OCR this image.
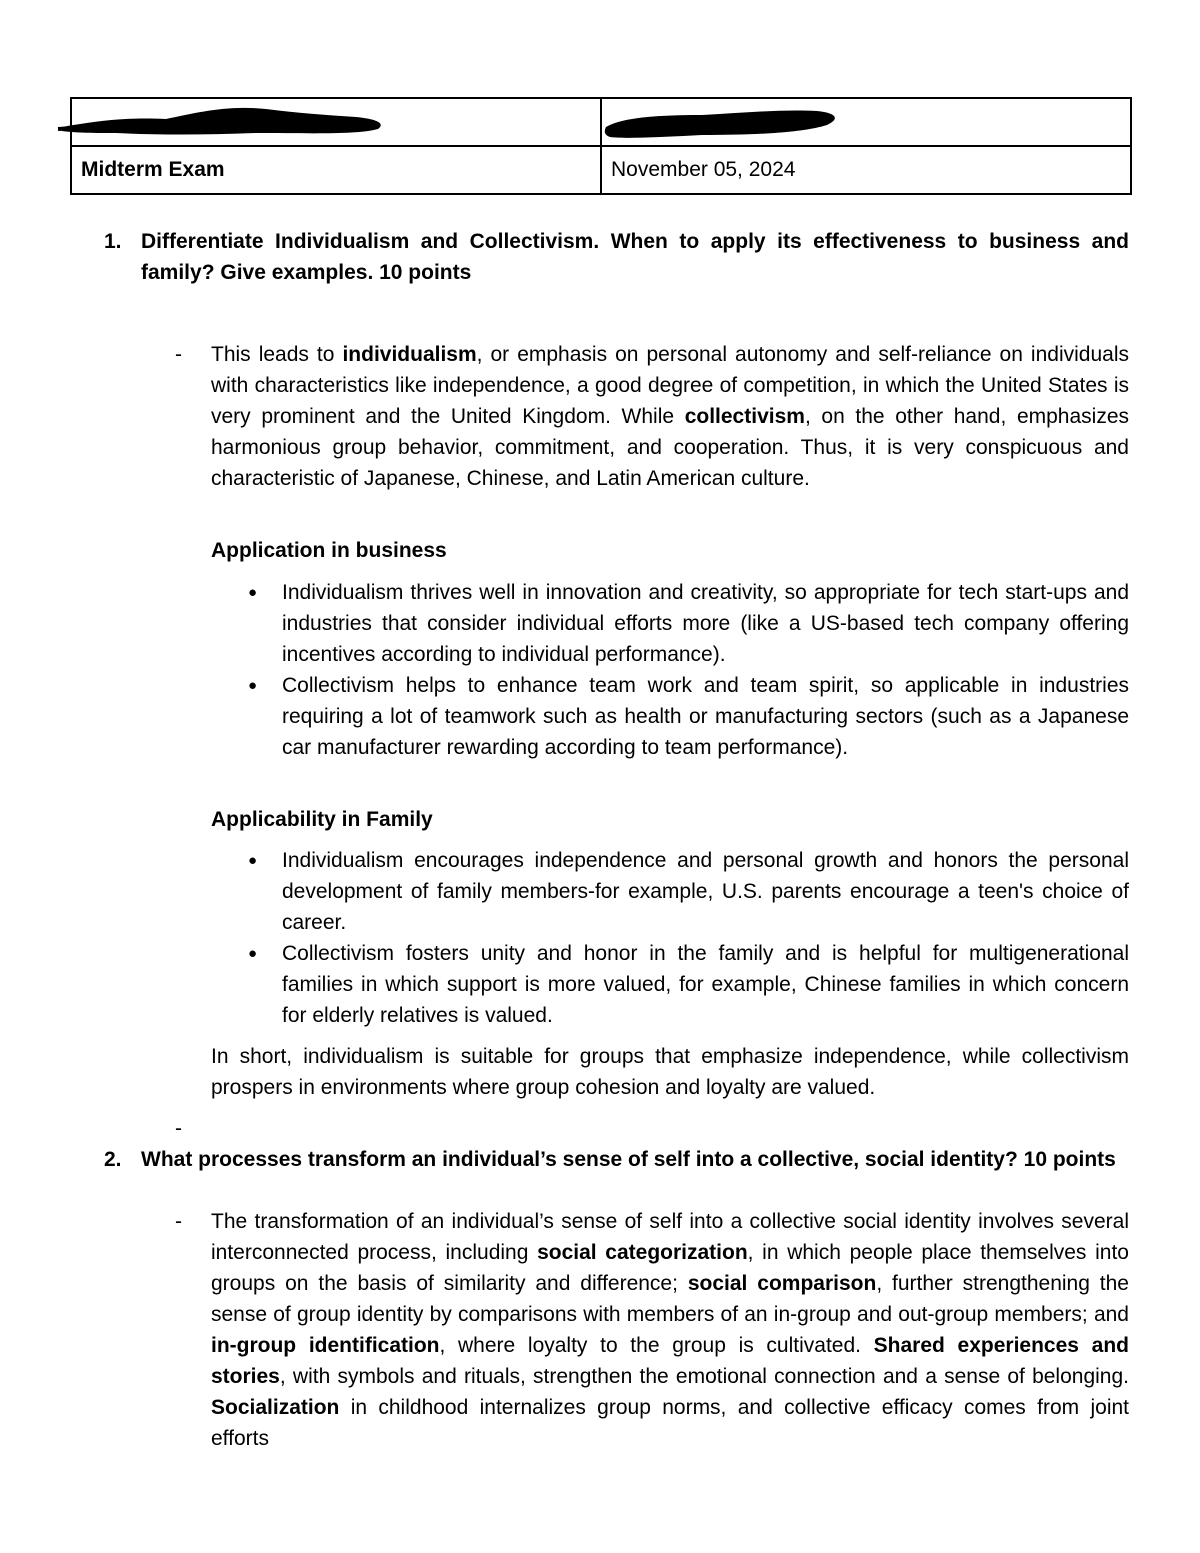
Midterm Exam	November 05, 2024
1. Differentiate Individualism and Collectivism. When to apply its effectiveness to business and family? Give examples. 10 points
- This leads to individualism, or emphasis on personal autonomy and self-reliance on individuals with characteristics like independence, a good degree of competition, in which the United States is very prominent and the United Kingdom. While collectivism, on the other hand, emphasizes harmonious group behavior, commitment, and cooperation. Thus, it is very conspicuous and characteristic of Japanese, Chinese, and Latin American culture.
Application in business
● Individualism thrives well in innovation and creativity, so appropriate for tech start-ups and industries that consider individual efforts more (like a US-based tech company offering incentives according to individual performance).
● Collectivism helps to enhance team work and team spirit, so applicable in industries requiring a lot of teamwork such as health or manufacturing sectors (such as a Japanese car manufacturer rewarding according to team performance).
Applicability in Family
● Individualism encourages independence and personal growth and honors the personal development of family members-for example, U.S. parents encourage a teen's choice of career.
● Collectivism fosters unity and honor in the family and is helpful for multigenerational families in which support is more valued, for example, Chinese families in which concern for elderly relatives is valued.
In short, individualism is suitable for groups that emphasize independence, while collectivism prospers in environments where group cohesion and loyalty are valued.
-
2. What processes transform an individual’s sense of self into a collective, social identity? 10 points
- The transformation of an individual’s sense of self into a collective social identity involves several interconnected process, including social categorization, in which people place themselves into groups on the basis of similarity and difference; social comparison, further strengthening the sense of group identity by comparisons with members of an in-group and out-group members; and in-group identification, where loyalty to the group is cultivated. Shared experiences and stories, with symbols and rituals, strengthen the emotional connection and a sense of belonging. Socialization in childhood internalizes group norms, and collective efficacy comes from joint efforts
